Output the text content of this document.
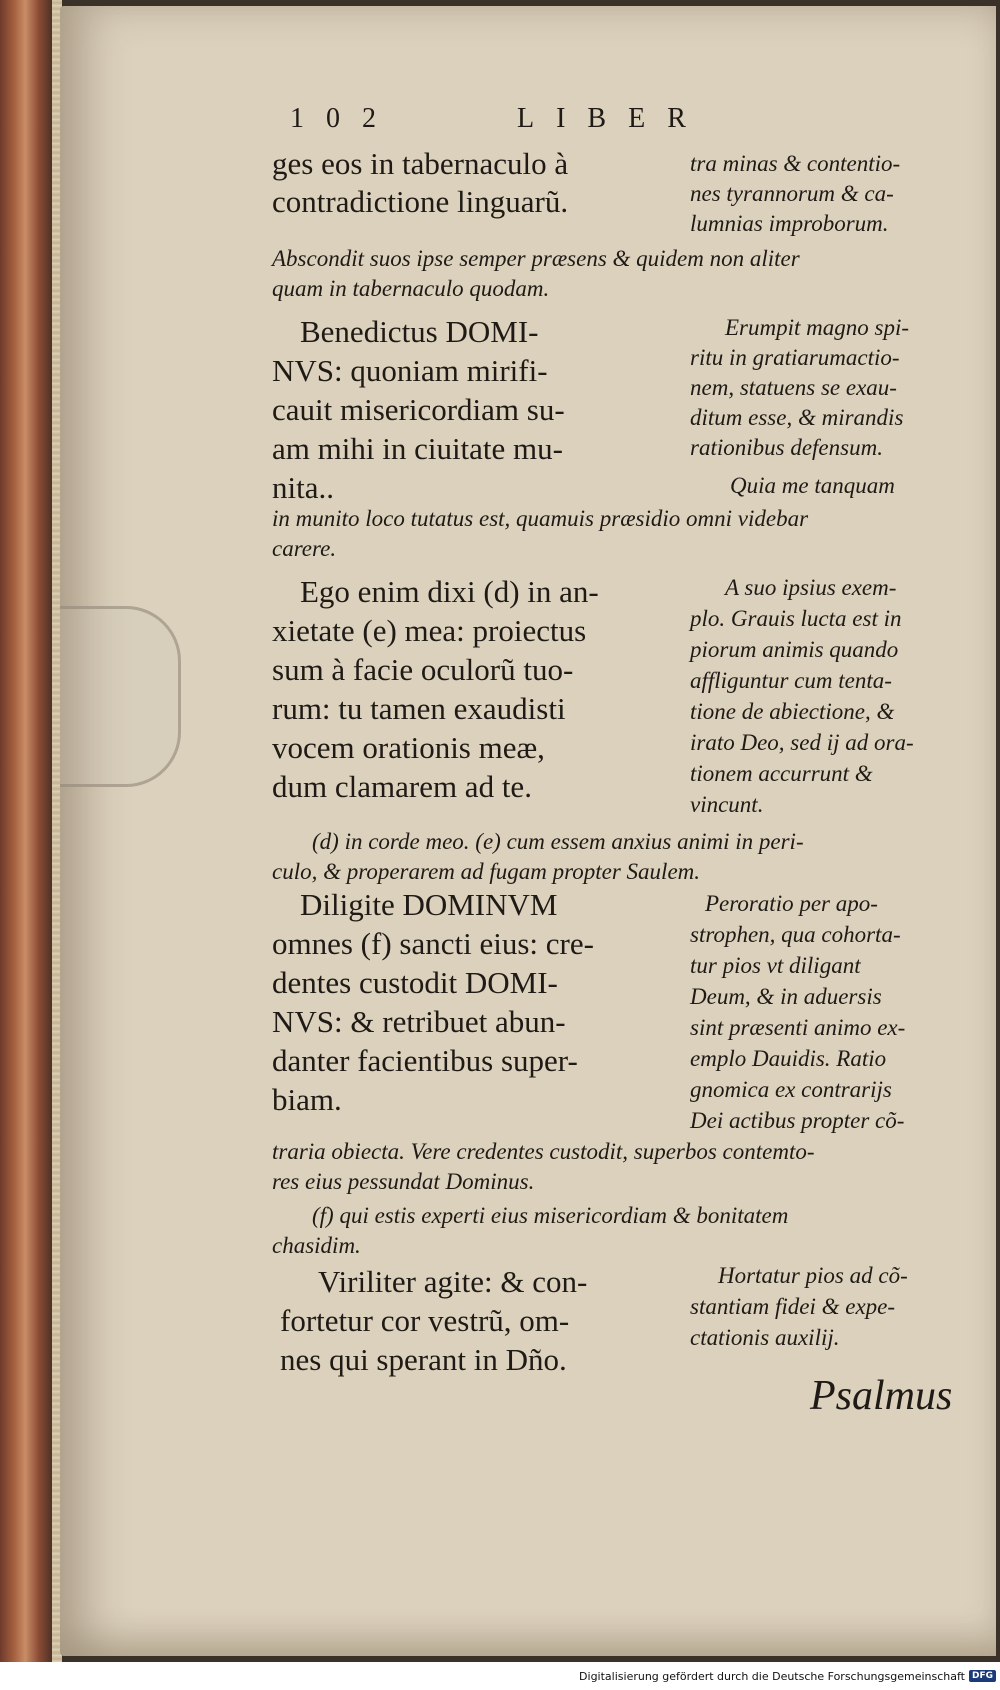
102	LIBER
ges eos in tabernaculo à
contradictione linguarũ.
tra minas & contentio-
nes tyrannorum & ca-
lumnias improborum.
Abscondit suos ipse semper præsens & quidem non aliter
quam in tabernaculo quodam.
Benedictus DOMI-
NVS: quoniam mirifi-
cauit misericordiam su-
am mihi in ciuitate mu-
nita..
Erumpit magno spi-
ritu in gratiarumactio-
nem, statuens se exau-
ditum esse, & mirandis
rationibus defensum.
Quia me tanquam
in munito loco tutatus est, quamuis præsidio omni videbar
carere.
Ego enim dixi (d) in an-
xietate (e) mea: proiectus
sum à facie oculorũ tuo-
rum: tu tamen exaudisti
vocem orationis meæ,
dum clamarem ad te.
A suo ipsius exem-
plo. Grauis lucta est in
piorum animis quando
affliguntur cum tenta-
tione de abiectione, &
irato Deo, sed ij ad ora-
tionem accurrunt &
vincunt.
(d) in corde meo. (e) cum essem anxius animi in peri-
culo, & properarem ad fugam propter Saulem.
Diligite DOMINVM
omnes (f) sancti eius: cre-
dentes custodit DOMI-
NVS: & retribuet abun-
danter facientibus super-
biam.
Peroratio per apo-
strophen, qua cohorta-
tur pios vt diligant
Deum, & in aduersis
sint præsenti animo ex-
emplo Dauidis. Ratio
gnomica ex contrarijs
Dei actibus propter cõ-
traria obiecta. Vere credentes custodit, superbos contemto-
res eius pessundat Dominus.
(f) qui estis experti eius misericordiam & bonitatem
chasidim.
Viriliter agite: & con-
fortetur cor vestrũ, om-
nes qui sperant in Dño.
Hortatur pios ad cõ-
stantiam fidei & expe-
ctationis auxilij.
Psalmus
Digitalisierung gefördert durch die Deutsche Forschungsgemeinschaft DFG
